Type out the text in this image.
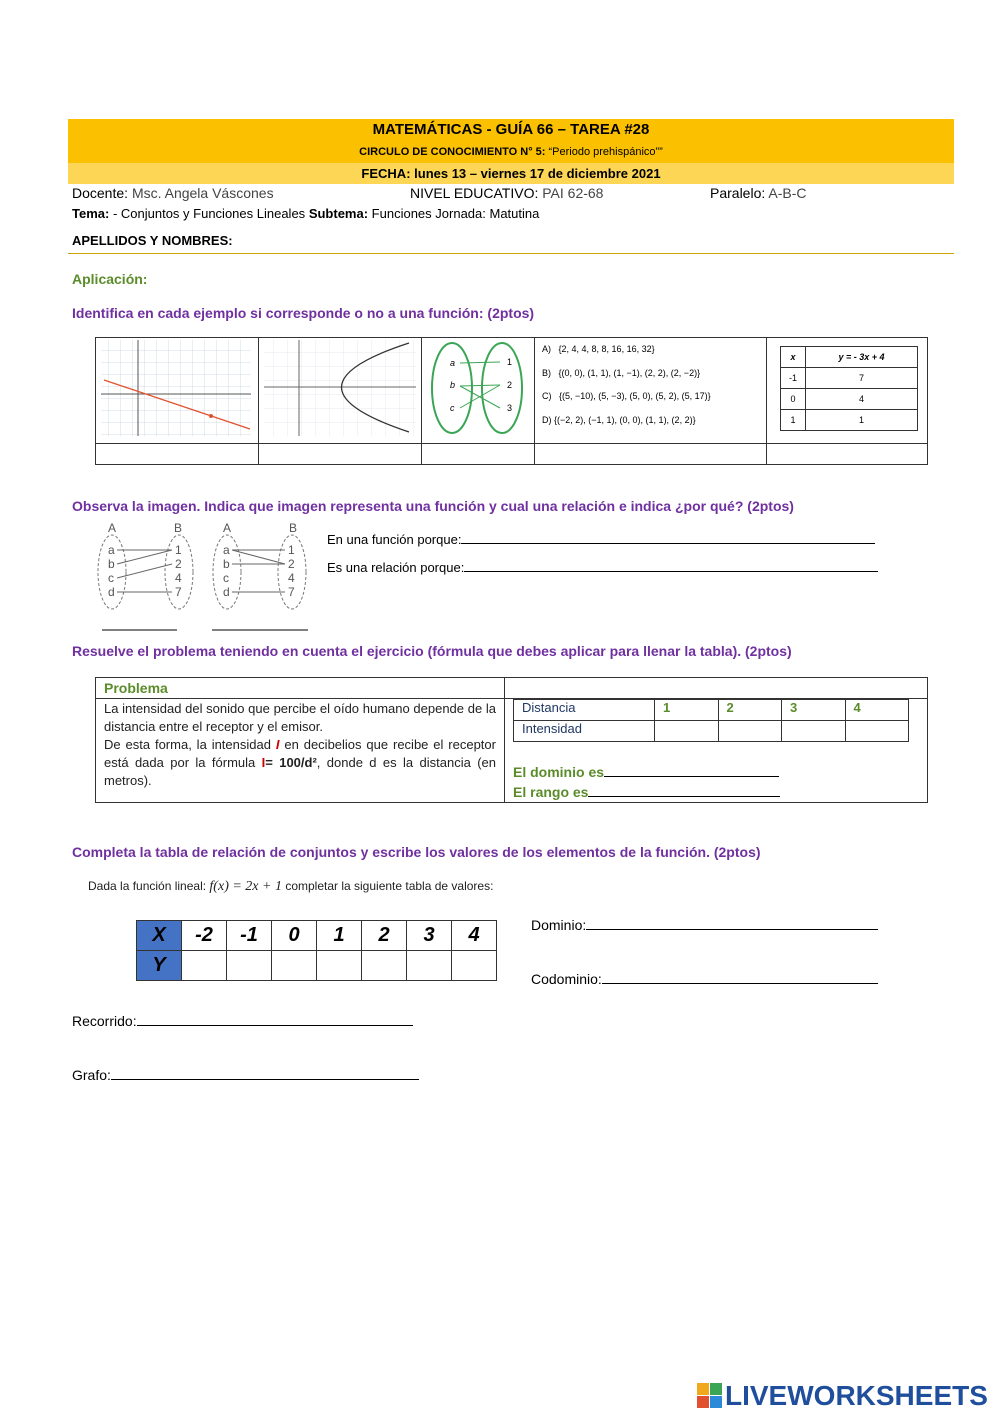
MATEMÁTICAS - GUÍA 66 – TAREA #28
CIRCULO DE CONOCIMIENTO N° 5: “Periodo prehispánico””
FECHA: lunes 13 – viernes 17 de diciembre 2021
Docente: Msc. Angela Váscones	NIVEL EDUCATIVO: PAI 62-68	Paralelo: A-B-C
Tema: - Conjuntos y Funciones Lineales Subtema: Funciones Jornada: Matutina
APELLIDOS Y NOMBRES:
Aplicación:
Identifica en cada ejemplo si corresponde o no a una función: (2ptos)

a
b
c
1
2
3

A) {2, 4, 4, 8, 8, 16, 16, 32}
B) {(0, 0), (1, 1), (1, −1), (2, 2), (2, −2)}
C) {(5, −10), (5, −3), (5, 0), (5, 2), (5, 17)}
D) {(−2, 2), (−1, 1), (0, 0), (1, 1), (2, 2)}

x	y = - 3x + 4
-1	7
0	4
1	1

Observa la imagen. Indica que imagen representa una función y cual una relación e indica ¿por qué? (2ptos)
A	B	A	B
a
b
c
d
1
2
4
7
a
b
c
d
1
2
4
7
En una función porque:
Es una relación porque:
Resuelve el problema teniendo en cuenta el ejercicio (fórmula que debes aplicar para llenar la tabla). (2ptos)
Problema	

La intensidad del sonido que percibe el oído humano depende de la distancia entre el receptor y el emisor.
De esta forma, la intensidad I en decibelios que recibe el receptor está dada por la fórmula I= 100/d², donde d es la distancia (en metros).

Distancia	1	2	3	4
Intensidad				
El dominio es
El rango es
Completa la tabla de relación de conjuntos y escribe los valores de los elementos de la función. (2ptos)
Dada la función lineal: f(x) = 2x + 1 completar la siguiente tabla de valores:
X	-2	-1	0	1	2	3	4
Y							
Dominio:
Codominio:
Recorrido:
Grafo:
LIVEWORKSHEETS
